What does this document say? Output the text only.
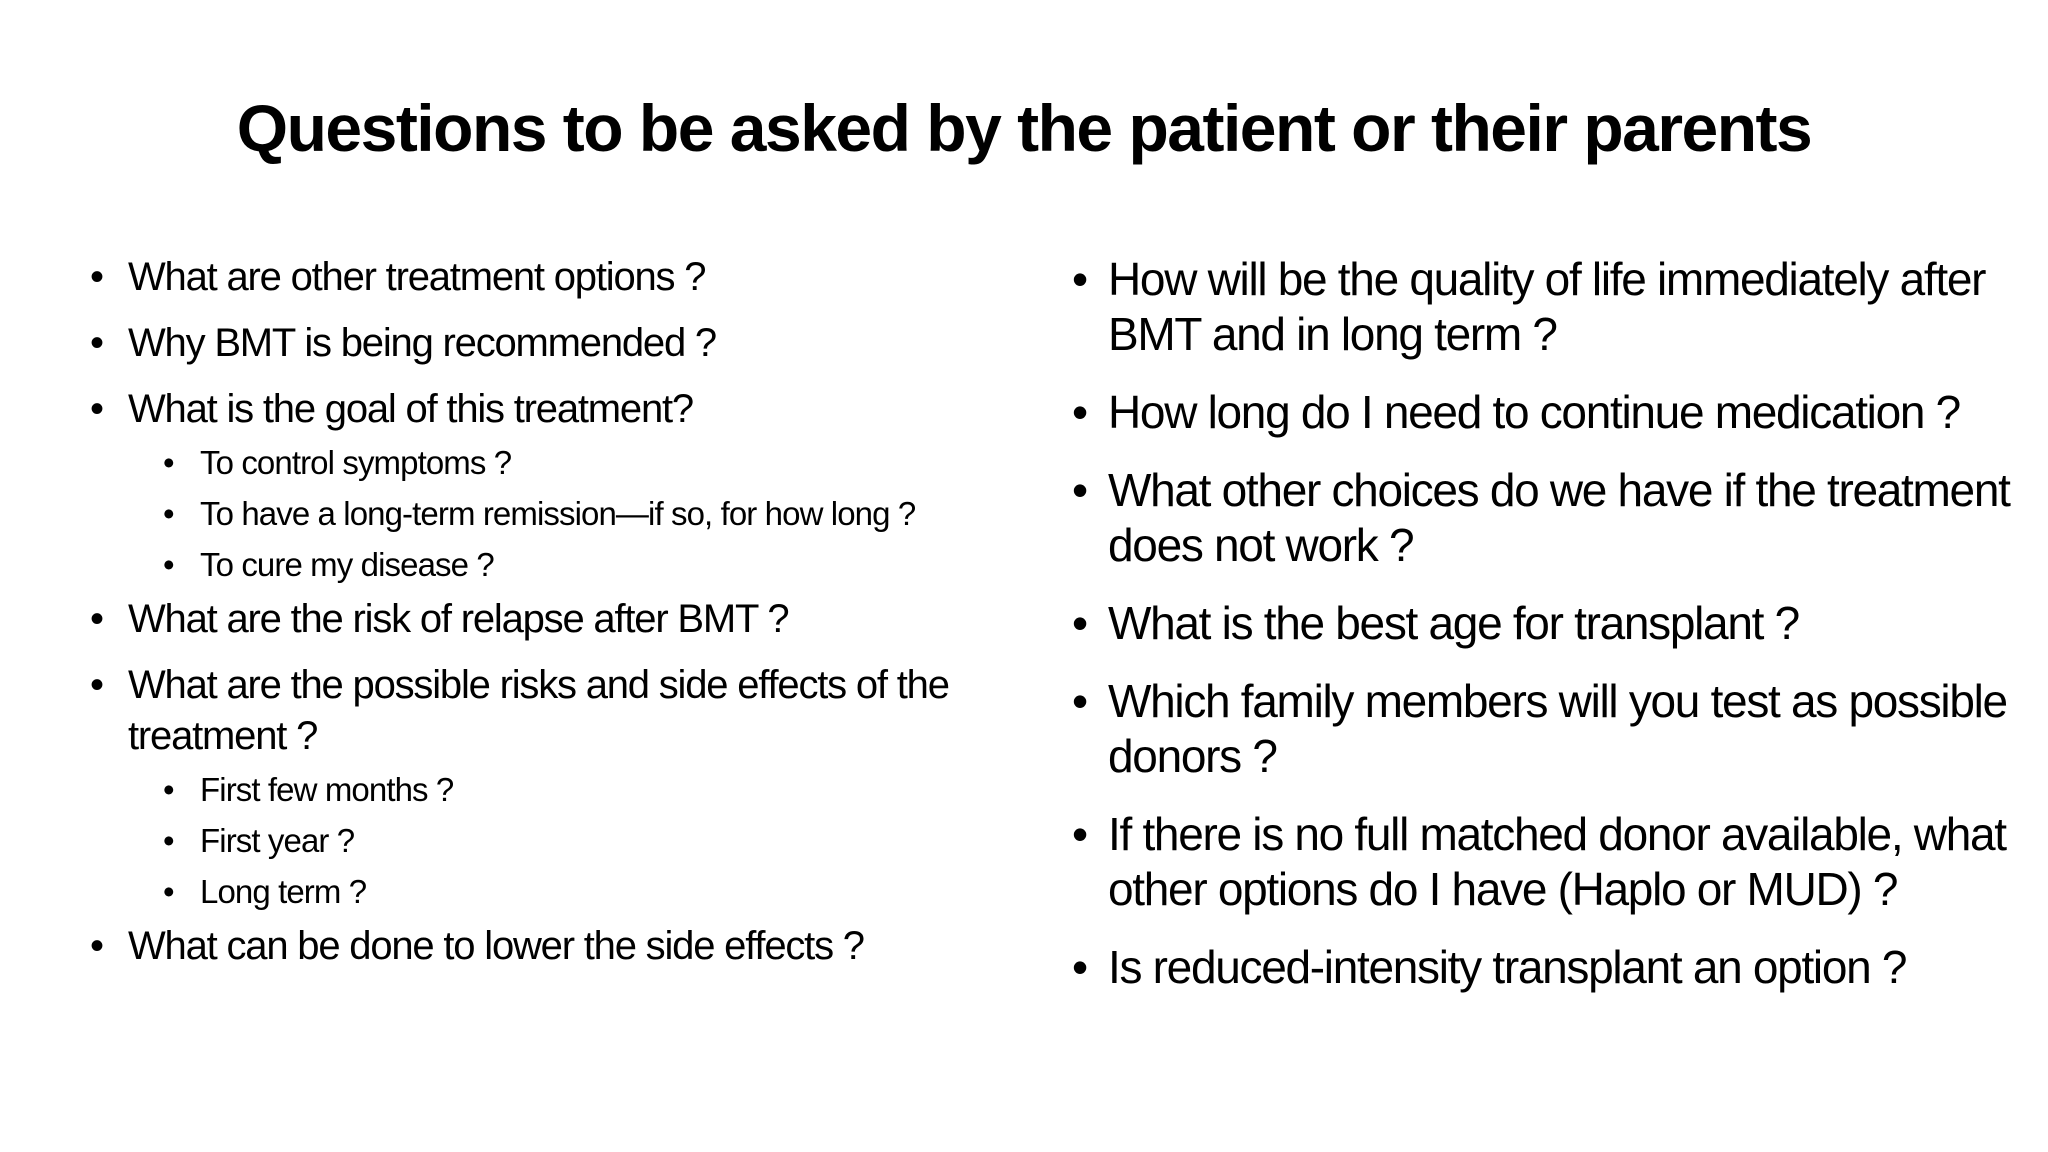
Questions to be asked by the patient or their parents
• What are other treatment options ?
• Why BMT is being recommended ?
• What is the goal of this treatment?
• To control symptoms ?
• To have a long-term remission—if so, for how long ?
• To cure my disease ?
• What are the risk of relapse after BMT ?
• What are the possible risks and side effects of the treatment ?
• First few months ?
• First year ?
• Long term ?
• What can be done to lower the side effects ?
• How will be the quality of life immediately after BMT and in long term ?
• How long do I need to continue medication ?
• What other choices do we have if the treatment does not work ?
• What is the best age for transplant ?
• Which family members will you test as possible donors ?
• If there is no full matched donor available, what other options do I have (Haplo or MUD) ?
• Is reduced-intensity transplant an option ?
